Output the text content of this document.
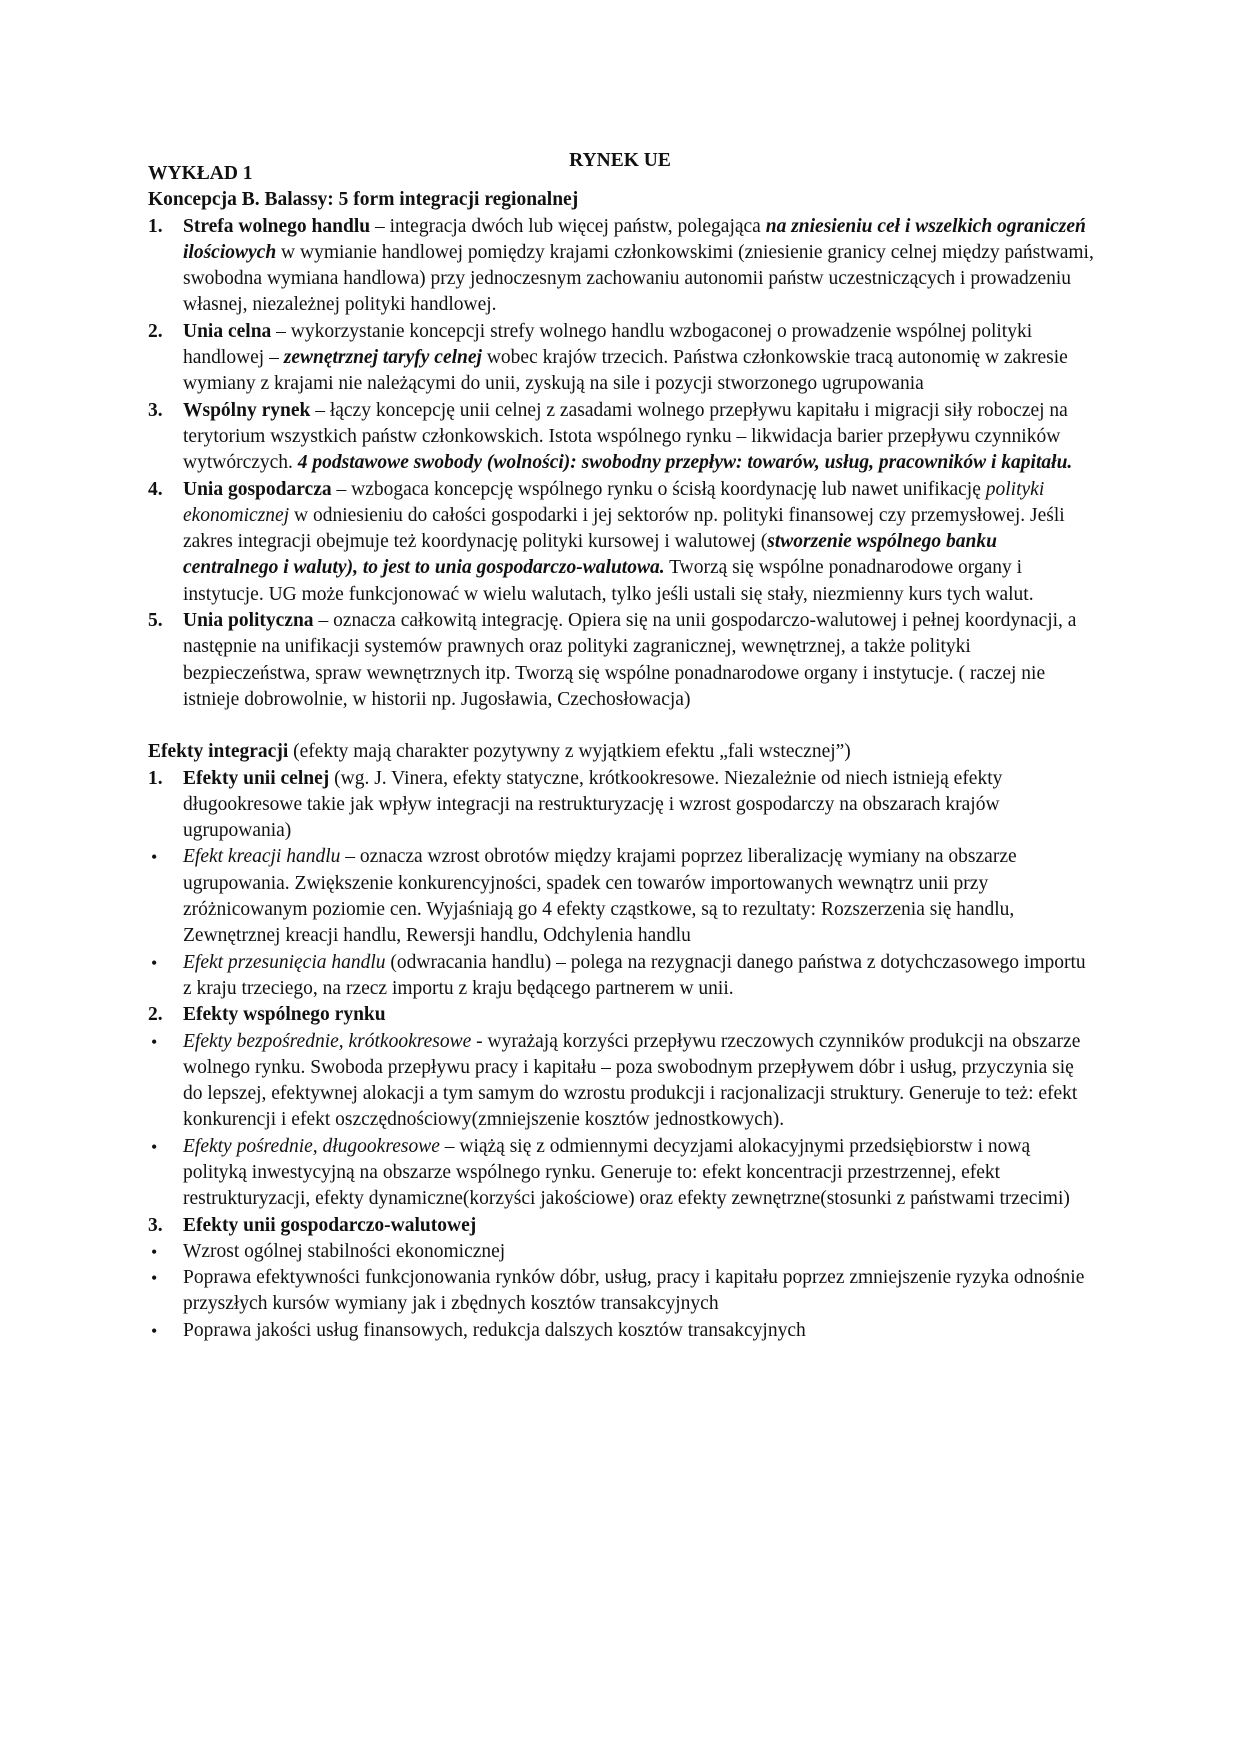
RYNEK UE

WYKŁAD 1

Koncepcja B. Balassy: 5 form integracji regionalnej

1. Strefa wolnego handlu – integracja dwóch lub więcej państw, polegająca na zniesieniu ceł i wszelkich ograniczeń ilościowych w wymianie handlowej pomiędzy krajami członkowskimi (zniesienie granicy celnej między państwami, swobodna wymiana handlowa) przy jednoczesnym zachowaniu autonomii państw uczestniczących i prowadzeniu własnej, niezależnej polityki handlowej.

2. Unia celna – wykorzystanie koncepcji strefy wolnego handlu wzbogaconej o prowadzenie wspólnej polityki handlowej – zewnętrznej taryfy celnej wobec krajów trzecich. Państwa członkowskie tracą autonomię w zakresie wymiany z krajami nie należącymi do unii, zyskują na sile i pozycji stworzonego ugrupowania

3. Wspólny rynek – łączy koncepcję unii celnej z zasadami wolnego przepływu kapitału i migracji siły roboczej na terytorium wszystkich państw członkowskich. Istota wspólnego rynku – likwidacja barier przepływu czynników wytwórczych. 4 podstawowe swobody (wolności): swobodny przepływ: towarów, usług, pracowników i kapitału.

4. Unia gospodarcza – wzbogaca koncepcję wspólnego rynku o ścisłą koordynację lub nawet unifikację polityki ekonomicznej w odniesieniu do całości gospodarki i jej sektorów np. polityki finansowej czy przemysłowej. Jeśli zakres integracji obejmuje też koordynację polityki kursowej i walutowej (stworzenie wspólnego banku centralnego i waluty), to jest to unia gospodarczo-walutowa. Tworzą się wspólne ponadnarodowe organy i instytucje. UG może funkcjonować w wielu walutach, tylko jeśli ustali się stały, niezmienny kurs tych walut.

5. Unia polityczna – oznacza całkowitą integrację. Opiera się na unii gospodarczo-walutowej i pełnej koordynacji, a następnie na unifikacji systemów prawnych oraz polityki zagranicznej, wewnętrznej, a także polityki bezpieczeństwa, spraw wewnętrznych itp. Tworzą się wspólne ponadnarodowe organy i instytucje. ( raczej nie istnieje dobrowolnie, w historii np. Jugosławia, Czechosłowacja)

Efekty integracji (efekty mają charakter pozytywny z wyjątkiem efektu „fali wstecznej”)

1. Efekty unii celnej (wg. J. Vinera, efekty statyczne, krótkookresowe. Niezależnie od niech istnieją efekty długookresowe takie jak wpływ integracji na restrukturyzację i wzrost gospodarczy na obszarach krajów ugrupowania)

• Efekt kreacji handlu – oznacza wzrost obrotów między krajami poprzez liberalizację wymiany na obszarze ugrupowania. Zwiększenie konkurencyjności, spadek cen towarów importowanych wewnątrz unii przy zróżnicowanym poziomie cen. Wyjaśniają go 4 efekty cząstkowe, są to rezultaty: Rozszerzenia się handlu, Zewnętrznej kreacji handlu, Rewersji handlu, Odchylenia handlu

• Efekt przesunięcia handlu (odwracania handlu) – polega na rezygnacji danego państwa z dotychczasowego importu z kraju trzeciego, na rzecz importu z kraju będącego partnerem w unii.

2. Efekty wspólnego rynku

• Efekty bezpośrednie, krótkookresowe - wyrażają korzyści przepływu rzeczowych czynników produkcji na obszarze wolnego rynku. Swoboda przepływu pracy i kapitału – poza swobodnym przepływem dóbr i usług, przyczynia się do lepszej, efektywnej alokacji a tym samym do wzrostu produkcji i racjonalizacji struktury. Generuje to też: efekt konkurencji i efekt oszczędnościowy(zmniejszenie kosztów jednostkowych).

• Efekty pośrednie, długookresowe – wiążą się z odmiennymi decyzjami alokacyjnymi przedsiębiorstw i nową polityką inwestycyjną na obszarze wspólnego rynku. Generuje to: efekt koncentracji przestrzennej, efekt restrukturyzacji, efekty dynamiczne(korzyści jakościowe) oraz efekty zewnętrzne(stosunki z państwami trzecimi)

3. Efekty unii gospodarczo-walutowej

• Wzrost ogólnej stabilności ekonomicznej

• Poprawa efektywności funkcjonowania rynków dóbr, usług, pracy i kapitału poprzez zmniejszenie ryzyka odnośnie przyszłych kursów wymiany jak i zbędnych kosztów transakcyjnych

• Poprawa jakości usług finansowych, redukcja dalszych kosztów transakcyjnych
